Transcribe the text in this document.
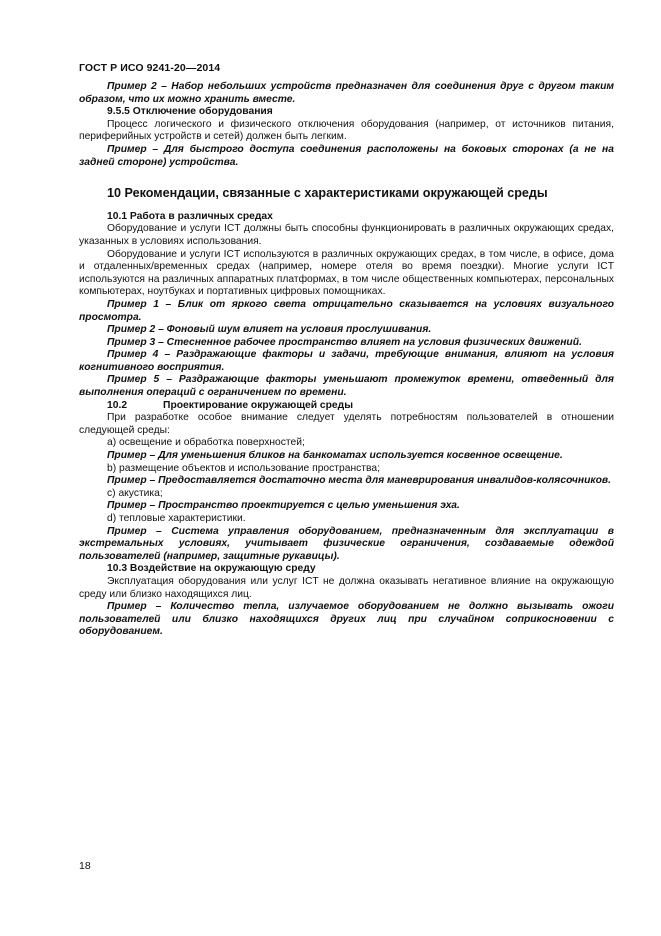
ГОСТ Р ИСО 9241-20—2014

Пример 2 – Набор небольших устройств предназначен для соединения друг с другом таким образом, что их можно хранить вместе.

9.5.5 Отключение оборудования

Процесс логического и физического отключения оборудования (например, от источников питания, периферийных устройств и сетей) должен быть легким.

Пример – Для быстрого доступа соединения расположены на боковых сторонах (а не на задней стороне) устройства.

10 Рекомендации, связанные с характеристиками окружающей среды

10.1 Работа в различных средах

Оборудование и услуги ICT должны быть способны функционировать в различных окружающих средах, указанных в условиях использования.

Оборудование и услуги ICT используются в различных окружающих средах, в том числе, в офисе, дома и отдаленных/временных средах (например, номере отеля во время поездки). Многие услуги ICT используются на различных аппаратных платформах, в том числе общественных компьютерах, персональных компьютерах, ноутбуках и портативных цифровых помощниках.

Пример 1 – Блик от яркого света отрицательно сказывается на условиях визуального просмотра.

Пример 2 – Фоновый шум влияет на условия прослушивания.

Пример 3 – Стесненное рабочее пространство влияет на условия физических движений.

Пример 4 – Раздражающие факторы и задачи, требующие внимания, влияют на условия когнитивного восприятия.

Пример 5 – Раздражающие факторы уменьшают промежуток времени, отведенный для выполнения операций с ограничением по времени.

10.2	Проектирование окружающей среды

При разработке особое внимание следует уделять потребностям пользователей в отношении следующей среды:

а) освещение и обработка поверхностей;

Пример – Для уменьшения бликов на банкоматах используется косвенное освещение.

b) размещение объектов и использование пространства;

Пример – Предоставляется достаточно места для маневрирования инвалидов-колясочников.

c) акустика;

Пример – Пространство проектируется с целью уменьшения эха.

d) тепловые характеристики.

Пример – Система управления оборудованием, предназначенным для эксплуатации в экстремальных условиях, учитывает физические ограничения, создаваемые одеждой пользователей (например, защитные рукавицы).

10.3 Воздействие на окружающую среду

Эксплуатация оборудования или услуг ICT не должна оказывать негативное влияние на окружающую среду или близко находящихся лиц.

Пример – Количество тепла, излучаемое оборудованием не должно вызывать ожоги пользователей или близко находящихся других лиц при случайном соприкосновении с оборудованием.

18
